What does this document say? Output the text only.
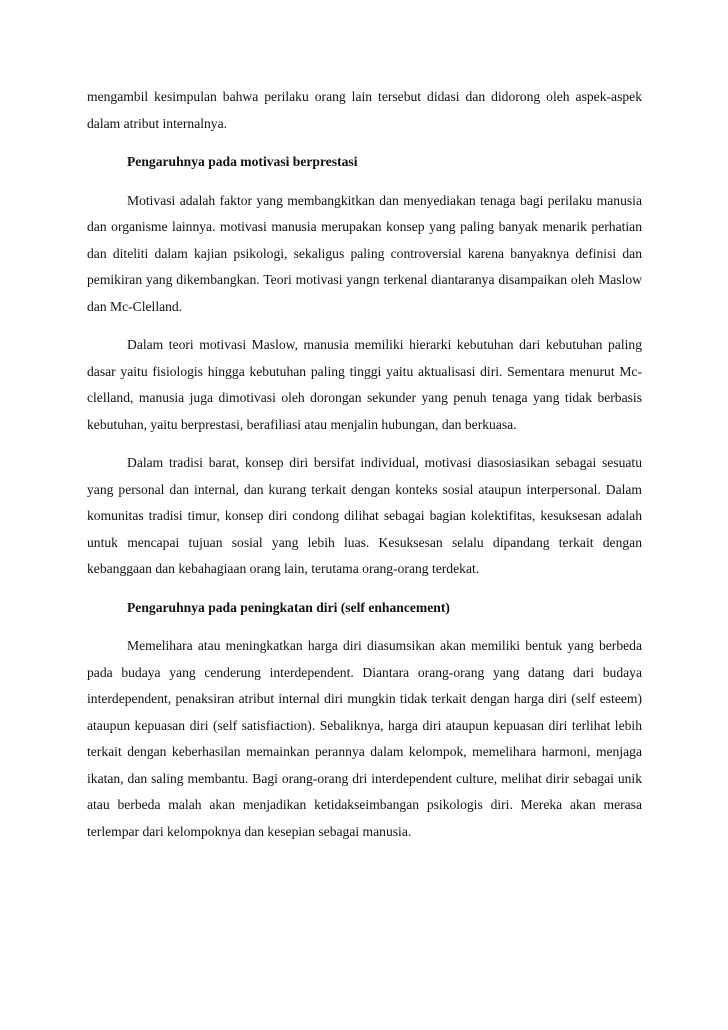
mengambil kesimpulan bahwa perilaku orang lain tersebut didasi dan didorong oleh aspek-aspek dalam atribut internalnya.

Pengaruhnya pada motivasi berprestasi

Motivasi adalah faktor yang membangkitkan dan menyediakan tenaga bagi perilaku manusia dan organisme lainnya. motivasi manusia merupakan konsep yang paling banyak menarik perhatian dan diteliti dalam kajian psikologi, sekaligus paling controversial karena banyaknya definisi dan pemikiran yang dikembangkan. Teori motivasi yangn terkenal diantaranya disampaikan oleh Maslow dan Mc-Clelland.

Dalam teori motivasi Maslow, manusia memiliki hierarki kebutuhan dari kebutuhan paling dasar yaitu fisiologis hingga kebutuhan paling tinggi yaitu aktualisasi diri. Sementara menurut Mc-clelland, manusia juga dimotivasi oleh dorongan sekunder yang penuh tenaga yang tidak berbasis kebutuhan, yaitu berprestasi, berafiliasi atau menjalin hubungan, dan berkuasa.

Dalam tradisi barat, konsep diri bersifat individual, motivasi diasosiasikan sebagai sesuatu yang personal dan internal, dan kurang terkait dengan konteks sosial ataupun interpersonal. Dalam komunitas tradisi timur, konsep diri condong dilihat sebagai bagian kolektifitas, kesuksesan adalah untuk mencapai tujuan sosial yang lebih luas. Kesuksesan selalu dipandang terkait dengan kebanggaan dan kebahagiaan orang lain, terutama orang-orang terdekat.

Pengaruhnya pada peningkatan diri (self enhancement)

Memelihara atau meningkatkan harga diri diasumsikan akan memiliki bentuk yang berbeda pada budaya yang cenderung interdependent. Diantara orang-orang yang datang dari budaya interdependent, penaksiran atribut internal diri mungkin tidak terkait dengan harga diri (self esteem) ataupun kepuasan diri (self satisfiaction). Sebaliknya, harga diri ataupun kepuasan diri terlihat lebih terkait dengan keberhasilan memainkan perannya dalam kelompok, memelihara harmoni, menjaga ikatan, dan saling membantu. Bagi orang-orang dri interdependent culture, melihat dirir sebagai unik atau berbeda malah akan menjadikan ketidakseimbangan psikologis diri. Mereka akan merasa terlempar dari kelompoknya dan kesepian sebagai manusia.
